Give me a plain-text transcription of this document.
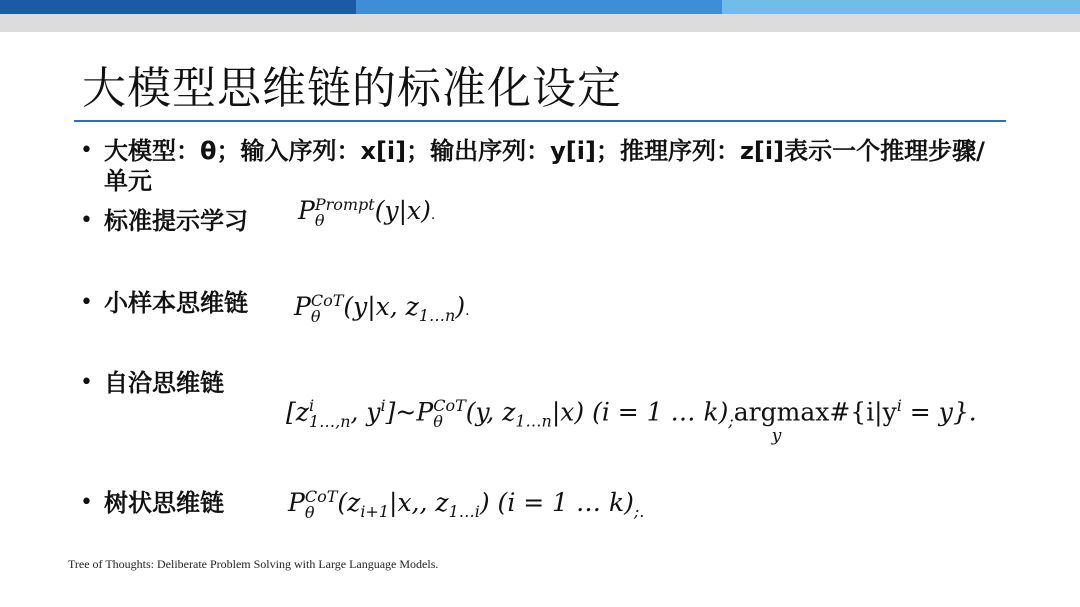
大模型思维链的标准化设定
• 大模型：θ；输入序列：x[i]；输出序列：y[i]；推理序列：z[i]表示一个推理步骤/单元
• 标准提示学习	P Prompt
θ	(y|x).
• 小样本思维链	P CoT
θ (y|x, $z_{1\dots n}$).
• 自洽思维链
[z i
1…,n , $y^i]\sim P$ CoT
θ (y, $z_{1\dots n}|x$) (i = 1 … $k)_;argmax\#\{i|y^i = y\}$.
y
• 树状思维链	P CoT
θ ($z_{i+1}|x$,, $z_{1\dots i}$) (i = 1 … $k)_{;.}$
Tree of Thoughts: Deliberate Problem Solving with Large Language Models.
